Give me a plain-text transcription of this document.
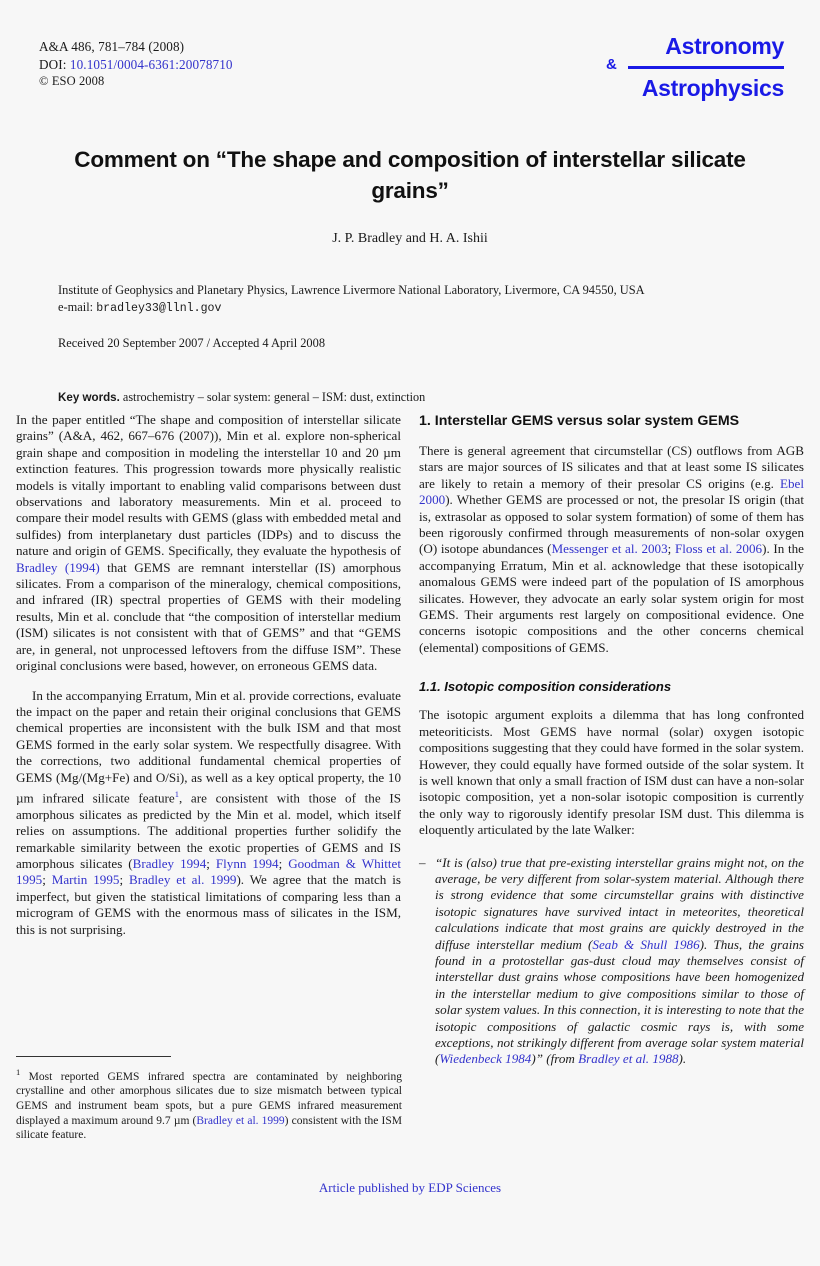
A&A 486, 781–784 (2008)
DOI: 10.1051/0004-6361:20078710
© ESO 2008
Astronomy
&
Astrophysics
Comment on “The shape and composition of interstellar silicate grains”
J. P. Bradley and H. A. Ishii
Institute of Geophysics and Planetary Physics, Lawrence Livermore National Laboratory, Livermore, CA 94550, USA
e-mail: bradley33@llnl.gov
Received 20 September 2007 / Accepted 4 April 2008
Key words. astrochemistry – solar system: general – ISM: dust, extinction

In the paper entitled “The shape and composition of interstellar silicate grains” (A&A, 462, 667–676 (2007)), Min et al. explore non-spherical grain shape and composition in modeling the interstellar 10 and 20 µm extinction features. This progression towards more physically realistic models is vitally important to enabling valid comparisons between dust observations and laboratory measurements. Min et al. proceed to compare their model results with GEMS (glass with embedded metal and sulfides) from interplanetary dust particles (IDPs) and to discuss the nature and origin of GEMS. Specifically, they evaluate the hypothesis of Bradley (1994) that GEMS are remnant interstellar (IS) amorphous silicates. From a comparison of the mineralogy, chemical compositions, and infrared (IR) spectral properties of GEMS with their modeling results, Min et al. conclude that “the composition of interstellar medium (ISM) silicates is not consistent with that of GEMS” and that “GEMS are, in general, not unprocessed leftovers from the diffuse ISM”. These original conclusions were based, however, on erroneous GEMS data.

In the accompanying Erratum, Min et al. provide corrections, evaluate the impact on the paper and retain their original conclusions that GEMS chemical properties are inconsistent with the bulk ISM and that most GEMS formed in the early solar system. We respectfully disagree. With the corrections, two additional fundamental chemical properties of GEMS (Mg/(Mg+Fe) and O/Si), as well as a key optical property, the 10 µm infrared silicate feature$^1$, are consistent with those of the IS amorphous silicates as predicted by the Min et al. model, which itself relies on assumptions. The additional properties further solidify the remarkable similarity between the exotic properties of GEMS and IS amorphous silicates (Bradley 1994; Flynn 1994; Goodman & Whittet 1995; Martin 1995; Bradley et al. 1999). We agree that the match is imperfect, but given the statistical limitations of comparing less than a microgram of GEMS with the enormous mass of silicates in the ISM, this is not surprising.

1. Interstellar GEMS versus solar system GEMS

There is general agreement that circumstellar (CS) outflows from AGB stars are major sources of IS silicates and that at least some IS silicates are likely to retain a memory of their presolar CS origins (e.g. Ebel 2000). Whether GEMS are processed or not, the presolar IS origin (that is, extrasolar as opposed to solar system formation) of some of them has been rigorously confirmed through measurements of non-solar oxygen (O) isotope abundances (Messenger et al. 2003; Floss et al. 2006). In the accompanying Erratum, Min et al. acknowledge that these isotopically anomalous GEMS were indeed part of the population of IS amorphous silicates. However, they advocate an early solar system origin for most GEMS. Their arguments rest largely on compositional evidence. One concerns isotopic compositions and the other concerns chemical (elemental) compositions of GEMS.

1.1. Isotopic composition considerations

The isotopic argument exploits a dilemma that has long confronted meteoriticists. Most GEMS have normal (solar) oxygen isotopic compositions suggesting that they could have formed in the solar system. However, they could equally have formed outside of the solar system. It is well known that only a small fraction of ISM dust can have a non-solar isotopic composition, yet a non-solar isotopic composition is currently the only way to rigorously identify presolar ISM dust. This dilemma is eloquently articulated by the late Walker:

– “It is (also) true that pre-existing interstellar grains might not, on the average, be very different from solar-system material. Although there is strong evidence that some circumstellar grains with distinctive isotopic signatures have survived intact in meteorites, theoretical calculations indicate that most grains are quickly destroyed in the diffuse interstellar medium (Seab & Shull 1986). Thus, the grains found in a protostellar gas-dust cloud may themselves consist of interstellar dust grains whose compositions have been homogenized in the interstellar medium to give compositions similar to those of solar system values. In this connection, it is interesting to note that the isotopic compositions of galactic cosmic rays is, with some exceptions, not strikingly different from average solar system material (Wiedenbeck 1984)” (from Bradley et al. 1988).

$^1$ Most reported GEMS infrared spectra are contaminated by neighboring crystalline and other amorphous silicates due to size mismatch between typical GEMS and instrument beam spots, but a pure GEMS infrared measurement displayed a maximum around 9.7 µm (Bradley et al. 1999) consistent with the ISM silicate feature.

Article published by EDP Sciences
